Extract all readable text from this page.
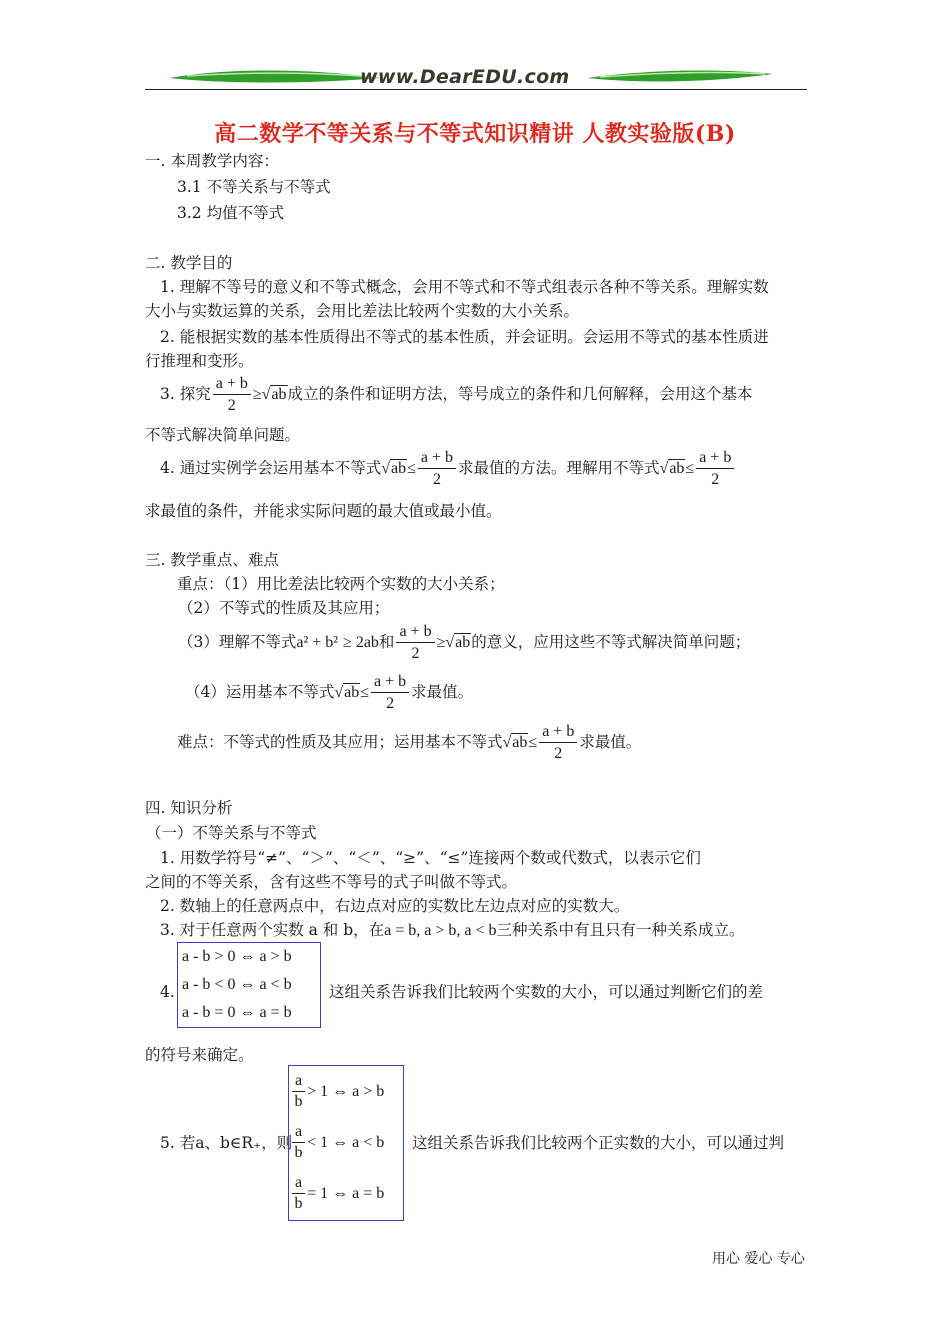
www.DearEDU.com
高二数学不等关系与不等式知识精讲 人教实验版(B)
一. 本周教学内容：
3.1 不等关系与不等式
3.2 均值不等式
二. 教学目的
1. 理解不等号的意义和不等式概念，会用不等式和不等式组表示各种不等关系。理解实数
大小与实数运算的关系，会用比差法比较两个实数的大小关系。
2. 能根据实数的基本性质得出不等式的基本性质，并会证明。会运用不等式的基本性质进
行推理和变形。
3. 探究 $\frac{a + b}{2} \ge√ab$成立的条件和证明方法，等号成立的条件和几何解释，会用这个基本
不等式解决简单问题。
4. 通过实例学会运用基本不等式$√ab\le \frac{a + b}{2}$ 求最值的方法。理解用不等式$√ab\le \frac{a + b}{2}$
求最值的条件，并能求实际问题的最大值或最小值。
三. 教学重点、难点
重点：（1）用比差法比较两个实数的大小关系；
（2）不等式的性质及其应用；
（3）理解不等式a² + b² ≥ 2ab和 $\frac{a + b}{2} \ge√ab$的意义，应用这些不等式解决简单问题；
（4）运用基本不等式$√ab\le \frac{a + b}{2}$ 求最值。
难点：不等式的性质及其应用；运用基本不等式$√ab\le \frac{a + b}{2}$ 求最值。
四. 知识分析
（一）不等关系与不等式
1. 用数学符号“≠”、“＞”、“＜”、“≥”、“≤”连接两个数或代数式，以表示它们
之间的不等关系，含有这些不等号的式子叫做不等式。
2. 数轴上的任意两点中，右边点对应的实数比左边点对应的实数大。
3. 对于任意两个实数 a 和 b，在a = b, a > b, a < b三种关系中有且只有一种关系成立。
4.
a - b > 0 ⇔ a > b
a - b < 0 ⇔ a < b
a - b = 0 ⇔ a = b
这组关系告诉我们比较两个实数的大小，可以通过判断它们的差
的符号来确定。
5. 若a、b∈R₊，则
$\frac{a}{b} > 1$ ⇔ a > b
$\frac{a}{b} < 1$ ⇔ a < b
$\frac{a}{b} = 1$ ⇔ a = b
这组关系告诉我们比较两个正实数的大小，可以通过判
用心 爱心 专心
